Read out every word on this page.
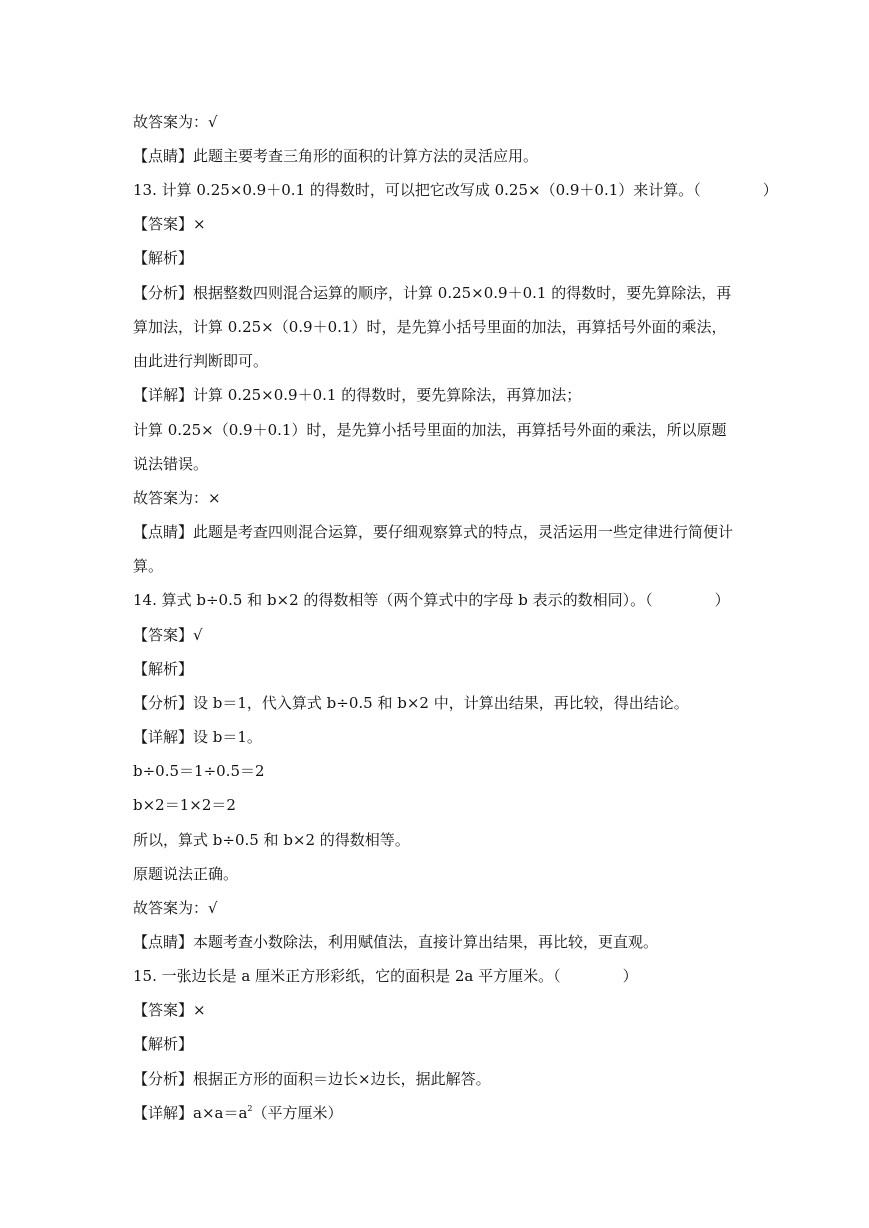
故答案为：√
【点睛】此题主要考查三角形的面积的计算方法的灵活应用。
13. 计算 0.25×0.9＋0.1 的得数时，可以把它改写成 0.25×（0.9＋0.1）来计算。（	）
【答案】×
【解析】
【分析】根据整数四则混合运算的顺序，计算 0.25×0.9＋0.1 的得数时，要先算除法，再
算加法，计算 0.25×（0.9＋0.1）时，是先算小括号里面的加法，再算括号外面的乘法，
由此进行判断即可。
【详解】计算 0.25×0.9＋0.1 的得数时，要先算除法，再算加法；
计算 0.25×（0.9＋0.1）时，是先算小括号里面的加法，再算括号外面的乘法，所以原题
说法错误。
故答案为：×
【点睛】此题是考查四则混合运算，要仔细观察算式的特点，灵活运用一些定律进行简便计
算。
14. 算式 b÷0.5 和 b×2 的得数相等（两个算式中的字母 b 表示的数相同）。（	）
【答案】√
【解析】
【分析】设 b＝1，代入算式 b÷0.5 和 b×2 中，计算出结果，再比较，得出结论。
【详解】设 b＝1。
b÷0.5＝1÷0.5＝2
b×2＝1×2＝2
所以，算式 b÷0.5 和 b×2 的得数相等。
原题说法正确。
故答案为：√
【点睛】本题考查小数除法，利用赋值法，直接计算出结果，再比较，更直观。
15. 一张边长是 a 厘米正方形彩纸，它的面积是 2a 平方厘米。（	）
【答案】×
【解析】
【分析】根据正方形的面积＝边长×边长，据此解答。
【详解】$a\times a=a^2$（平方厘米）
